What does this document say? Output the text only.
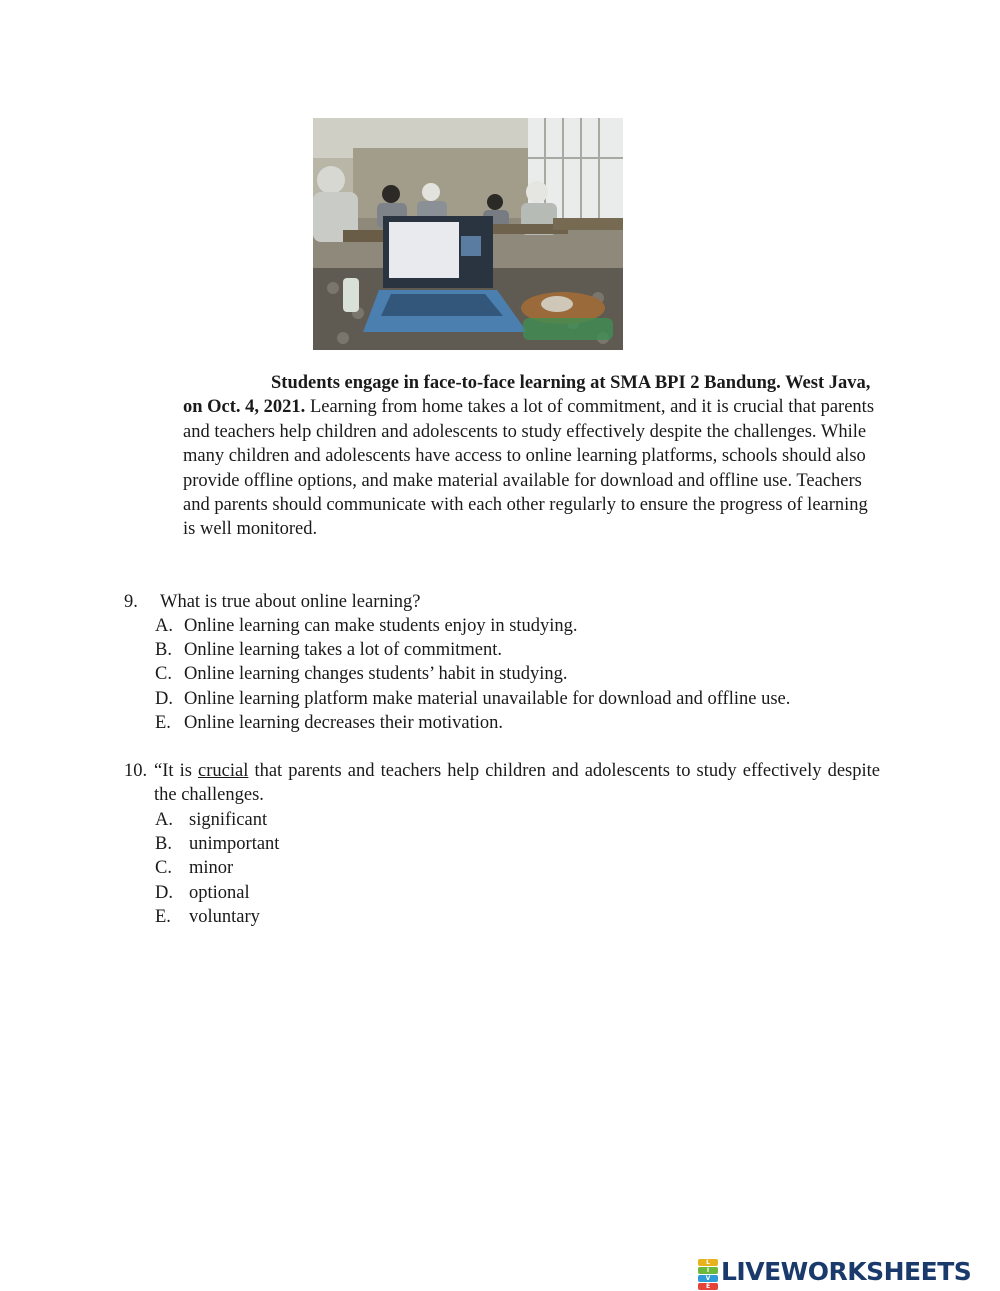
Students engage in face-to-face learning at SMA BPI 2 Bandung. West Java, on Oct. 4, 2021. Learning from home takes a lot of commitment, and it is crucial that parents and teachers help children and adolescents to study effectively despite the challenges. While many children and adolescents have access to online learning platforms, schools should also provide offline options, and make material available for download and offline use. Teachers and parents should communicate with each other regularly to ensure the progress of learning is well monitored.
9. What is true about online learning?
A. Online learning can make students enjoy in studying.
B. Online learning takes a lot of commitment.
C. Online learning changes students’ habit in studying.
D. Online learning platform make material unavailable for download and offline use.
E. Online learning decreases their motivation.
10. “It is crucial that parents and teachers help children and adolescents to study effectively despite the challenges.
A. significant
B. unimportant
C. minor
D. optional
E. voluntary
L
I
V
E
LIVEWORKSHEETS
